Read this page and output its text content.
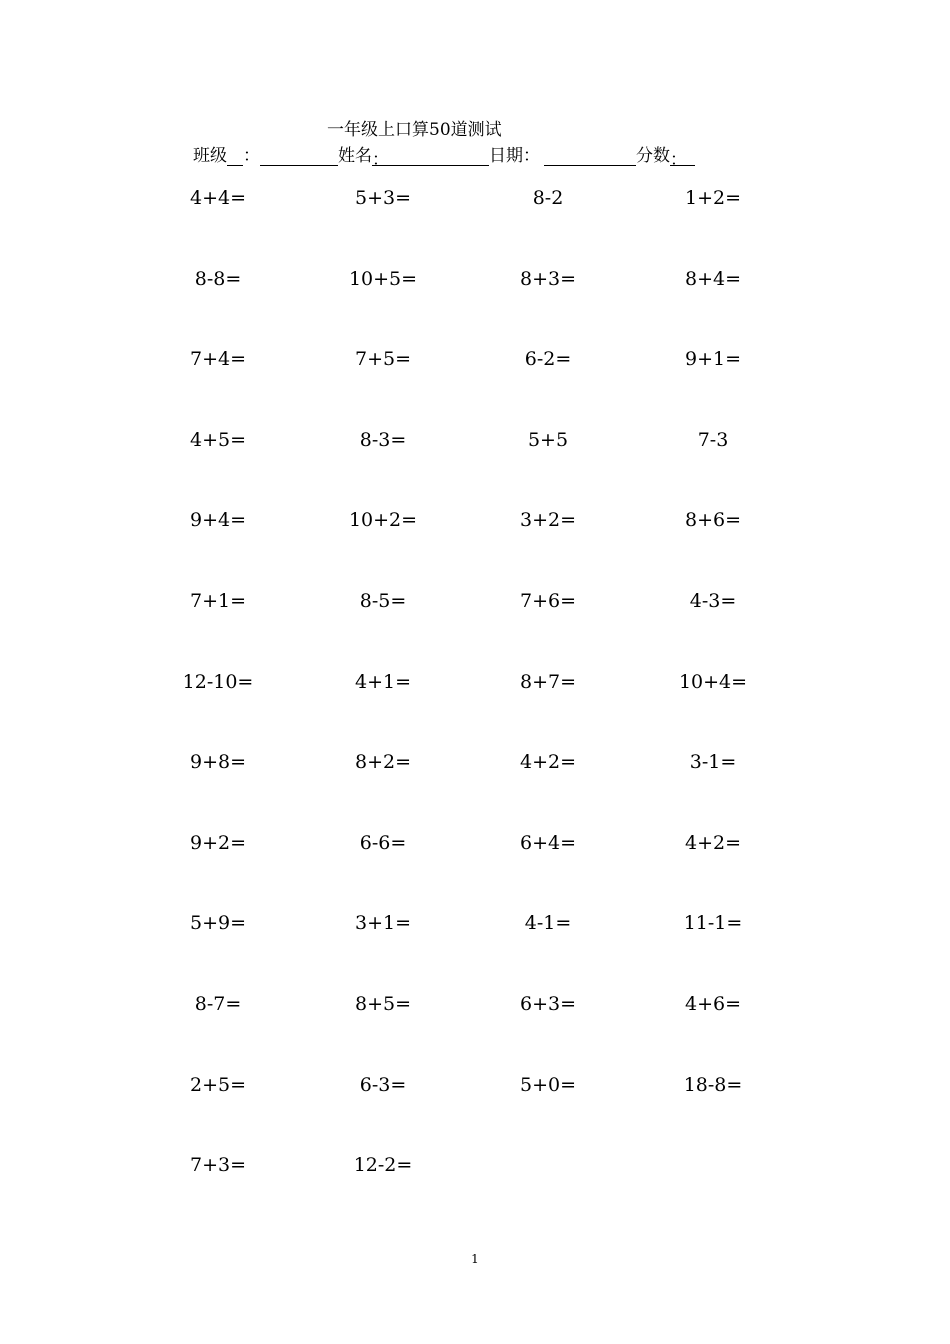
一年级上口算50道测试
班级 ：	姓名：	日期：	分数：
4+4=	5+3=	8-2	1+2=
8-8=	10+5=	8+3=	8+4=
7+4=	7+5=	6-2=	9+1=
4+5=	8-3=	5+5	7-3
9+4=	10+2=	3+2=	8+6=
7+1=	8-5=	7+6=	4-3=
12-10=	4+1=	8+7=	10+4=
9+8=	8+2=	4+2=	3-1=
9+2=	6-6=	6+4=	4+2=
5+9=	3+1=	4-1=	11-1=
8-7=	8+5=	6+3=	4+6=
2+5=	6-3=	5+0=	18-8=
7+3=	12-2=
1
